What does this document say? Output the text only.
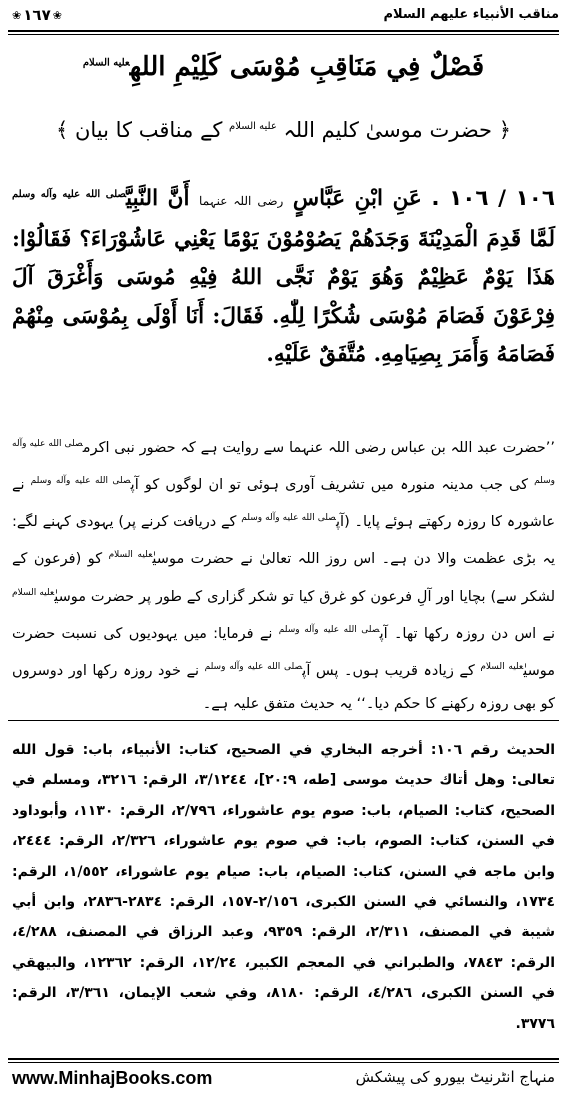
❀ ١٦٧ ❀	مناقب الأنبياء عليهم السلام
فَصْلٌ فِي مَنَاقِبِ مُوْسَى كَلِيْمِ اللهِ$^{عليه السلام}$
﴿ حضرت موسیٰ کلیم اللہ $^{عليه السلام}$ کے مناقب کا بیان ﴾
١٠٦ / ١٠٦ . عَنِ ابْنِ عَبَّاسٍ رضی اللہ عنہما أَنَّ النَّبِيَّ$^{صلى الله عليه وآله وسلم}$ لَمَّا قَدِمَ الْمَدِيْنَةَ وَجَدَهُمْ يَصُوْمُوْنَ يَوْمًا يَعْنِي عَاشُوْرَاءَ؟ فَقَالُوْا: هَذَا يَوْمٌ عَظِيْمٌ وَهُوَ يَوْمٌ نَجَّى اللهُ فِيْهِ مُوسَى وَأَغْرَقَ آلَ فِرْعَوْنَ فَصَامَ مُوْسَى شُكْرًا لِلّٰهِ. فَقَالَ: أَنَا أَوْلَى بِمُوْسَى مِنْهُمْ فَصَامَهُ وَأَمَرَ بِصِيَامِهِ. مُتَّفَقٌ عَلَيْهِ.
’’حضرت عبد اللہ بن عباس رضی اللہ عنہما سے روایت ہے کہ حضور نبی اکرم$^{صلى الله عليه وآله وسلم}$ کی جب مدینہ منورہ میں تشریف آوری ہوئی تو ان لوگوں کو آپ$^{صلى الله عليه وآله وسلم}$ نے عاشورہ کا روزہ رکھتے ہوئے پایا۔ (آپ$^{صلى الله عليه وآله وسلم}$ کے دریافت کرنے پر) یہودی کہنے لگے: یہ بڑی عظمت والا دن ہے۔ اس روز اللہ تعالیٰ نے حضرت موسیٰ$^{عليه السلام}$ کو (فرعون کے لشکر سے) بچایا اور آلِ فرعون کو غرق کیا تو شکر گزاری کے طور پر حضرت موسیٰ$^{عليه السلام}$ نے اس دن روزہ رکھا تھا۔ آپ$^{صلى الله عليه وآله وسلم}$ نے فرمایا: میں یہودیوں کی نسبت حضرت موسیٰ$^{عليه السلام}$ کے زیادہ قریب ہوں۔ پس آپ$^{صلى الله عليه وآله وسلم}$ نے خود روزہ رکھا اور دوسروں کو بھی روزہ رکھنے کا حکم دیا۔‘‘ یہ حدیث متفق علیہ ہے۔
الحديث رقم ١٠٦: أخرجه البخاري في الصحيح، كتاب: الأنبياء، باب: قول الله تعالى: وهل أتاك حديث موسى [طه، ٢٠:٩]، ٣/١٢٤٤، الرقم: ٣٢١٦، ومسلم في الصحيح، كتاب: الصيام، باب: صوم يوم عاشوراء، ٢/٧٩٦، الرقم: ١١٣٠، وأبوداود في السنن، كتاب: الصوم، باب: في صوم يوم عاشوراء، ٢/٣٢٦، الرقم: ٢٤٤٤، وابن ماجه في السنن، كتاب: الصيام، باب: صيام يوم عاشوراء، ١/٥٥٢، الرقم: ١٧٣٤، والنسائي في السنن الكبرى، ٢/١٥٦-١٥٧، الرقم: ٢٨٣٤-٢٨٣٦، وابن أبي شيبة في المصنف، ٢/٣١١، الرقم: ٩٣٥٩، وعبد الرزاق في المصنف، ٤/٢٨٨، الرقم: ٧٨٤٣، والطبراني في المعجم الكبير، ١٢/٢٤، الرقم: ١٢٣٦٢، والبيهقي في السنن الكبرى، ٤/٢٨٦، الرقم: ٨١٨٠، وفي شعب الإيمان، ٣/٣٦١، الرقم: ٣٧٧٦.
www.MinhajBooks.com	منہاج انٹرنیٹ بیورو کی پیشکش
